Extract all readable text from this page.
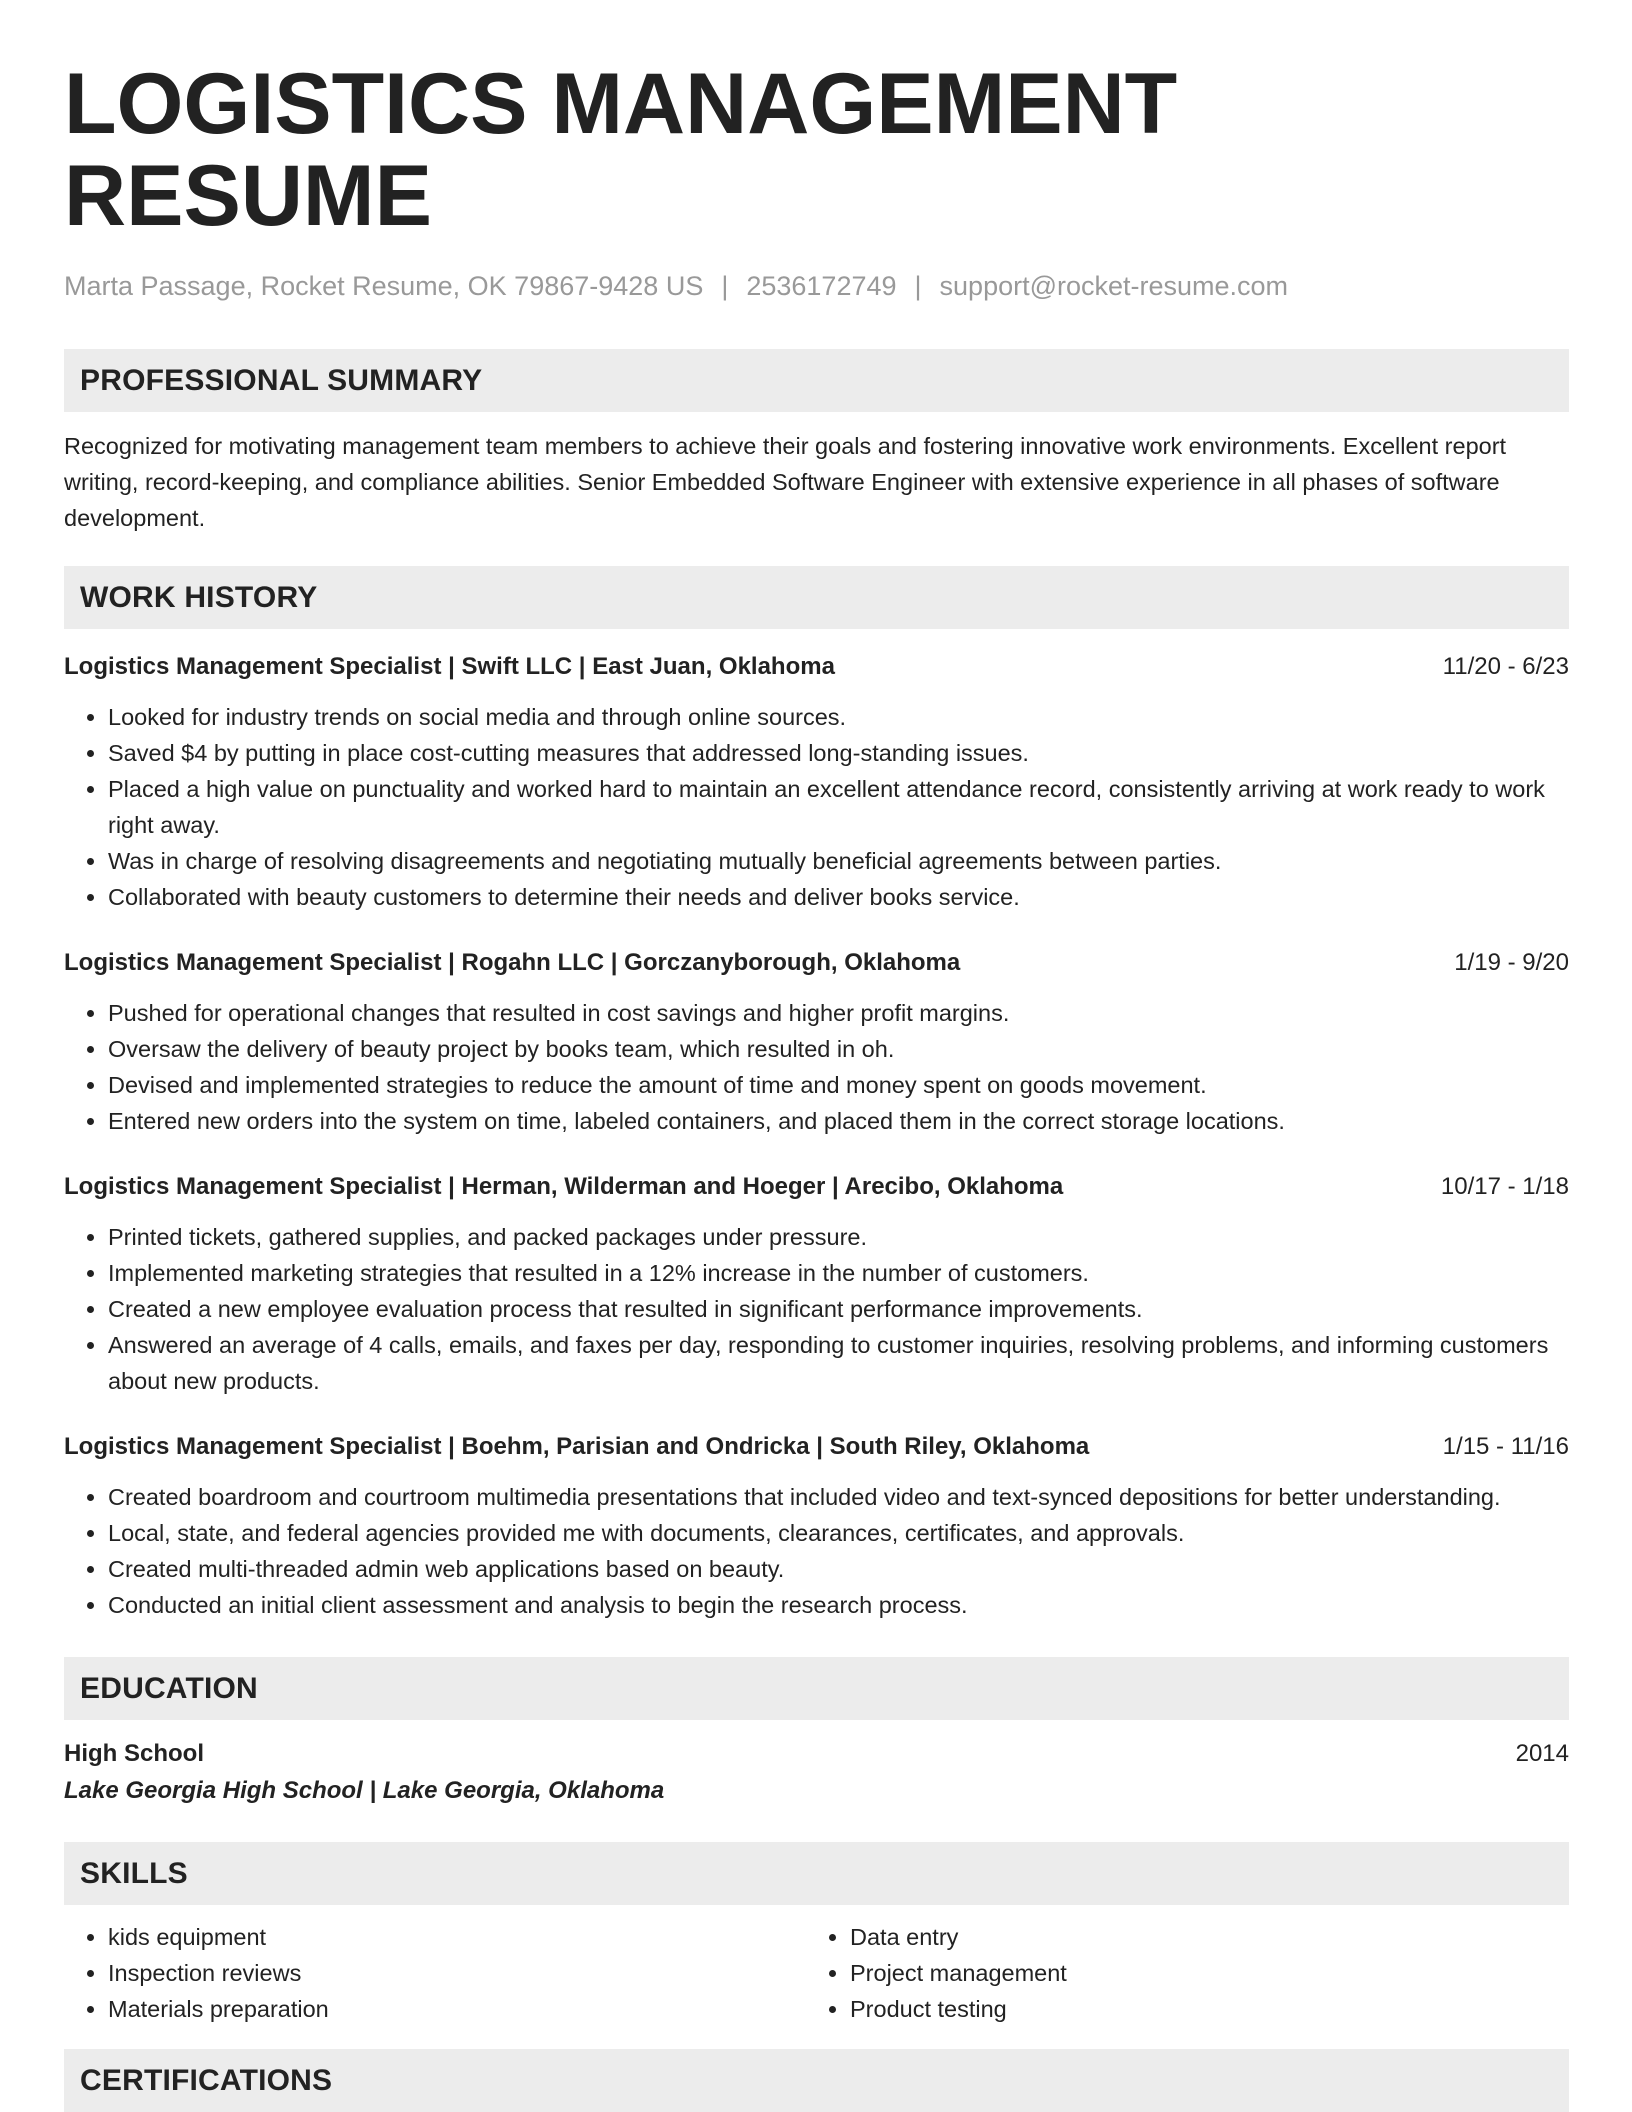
LOGISTICS MANAGEMENT RESUME
Marta Passage, Rocket Resume, OK 79867-9428 US | 2536172749 | support@rocket-resume.com
PROFESSIONAL SUMMARY
Recognized for motivating management team members to achieve their goals and fostering innovative work environments. Excellent report writing, record-keeping, and compliance abilities. Senior Embedded Software Engineer with extensive experience in all phases of software development.
WORK HISTORY
Logistics Management Specialist | Swift LLC | East Juan, Oklahoma	11/20 - 6/23
• Looked for industry trends on social media and through online sources.
• Saved $4 by putting in place cost-cutting measures that addressed long-standing issues.
• Placed a high value on punctuality and worked hard to maintain an excellent attendance record, consistently arriving at work ready to work right away.
• Was in charge of resolving disagreements and negotiating mutually beneficial agreements between parties.
• Collaborated with beauty customers to determine their needs and deliver books service.
Logistics Management Specialist | Rogahn LLC | Gorczanyborough, Oklahoma	1/19 - 9/20
• Pushed for operational changes that resulted in cost savings and higher profit margins.
• Oversaw the delivery of beauty project by books team, which resulted in oh.
• Devised and implemented strategies to reduce the amount of time and money spent on goods movement.
• Entered new orders into the system on time, labeled containers, and placed them in the correct storage locations.
Logistics Management Specialist | Herman, Wilderman and Hoeger | Arecibo, Oklahoma	10/17 - 1/18
• Printed tickets, gathered supplies, and packed packages under pressure.
• Implemented marketing strategies that resulted in a 12% increase in the number of customers.
• Created a new employee evaluation process that resulted in significant performance improvements.
• Answered an average of 4 calls, emails, and faxes per day, responding to customer inquiries, resolving problems, and informing customers about new products.
Logistics Management Specialist | Boehm, Parisian and Ondricka | South Riley, Oklahoma	1/15 - 11/16
• Created boardroom and courtroom multimedia presentations that included video and text-synced depositions for better understanding.
• Local, state, and federal agencies provided me with documents, clearances, certificates, and approvals.
• Created multi-threaded admin web applications based on beauty.
• Conducted an initial client assessment and analysis to begin the research process.
EDUCATION
High School	2014
Lake Georgia High School | Lake Georgia, Oklahoma
SKILLS
• kids equipment
• Inspection reviews
• Materials preparation
• Data entry
• Project management
• Product testing
CERTIFICATIONS
